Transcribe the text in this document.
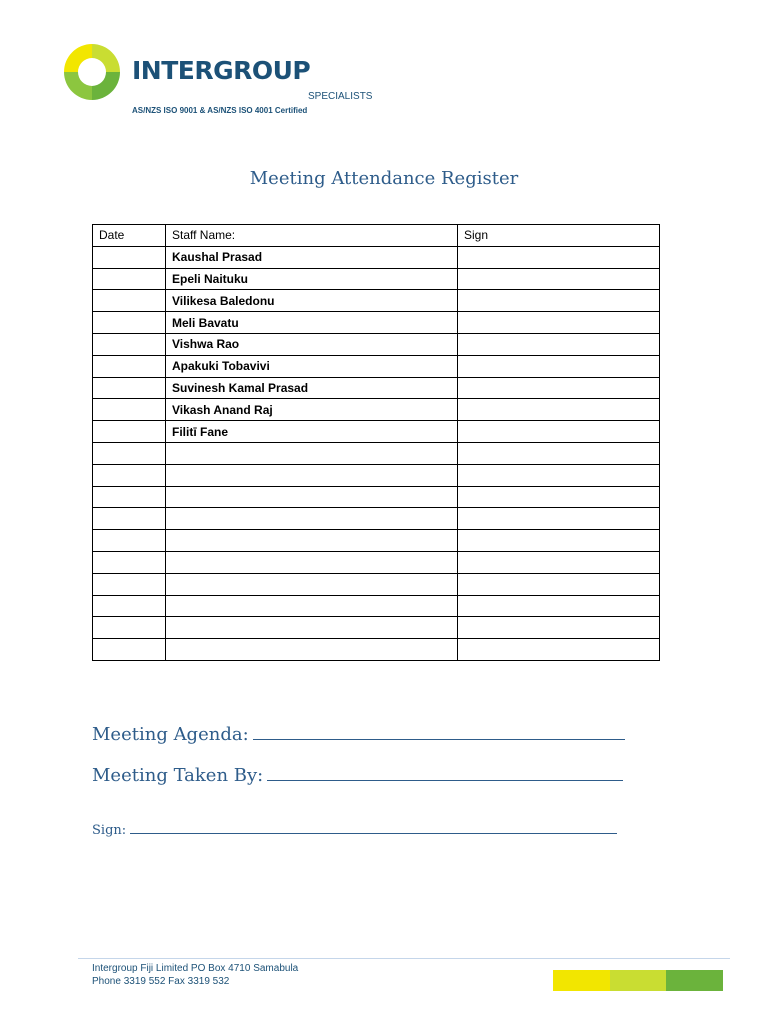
INTERGROUP
SPECIALISTS
AS/NZS ISO 9001 & AS/NZS ISO 4001 Certified
Meeting Attendance Register
Date	Staff Name:	Sign
	Kaushal Prasad	
	Epeli Naituku	
	Vilikesa Baledonu	
	Meli Bavatu	
	Vishwa Rao	
	Apakuki Tobavivi	
	Suvinesh Kamal Prasad	
	Vikash Anand Raj	
	Filitī Fane	

Meeting Agenda:
Meeting Taken By:
Sign:
Intergroup Fiji Limited PO Box 4710 Samabula
Phone 3319 552 Fax 3319 532
